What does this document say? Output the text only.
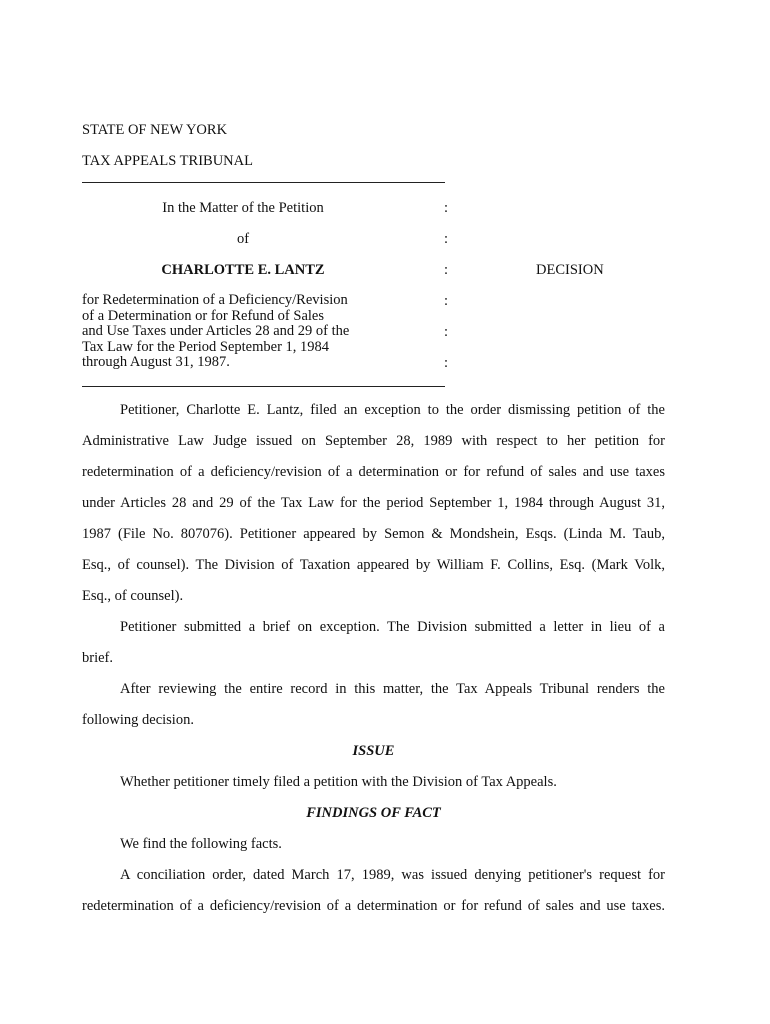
STATE OF NEW YORK
TAX APPEALS TRIBUNAL
In the Matter of the Petition
of
CHARLOTTE E. LANTZ
:
:
:
:
:
:
DECISION
for Redetermination of a Deficiency/Revision
of a Determination or for Refund of Sales
and Use Taxes under Articles 28 and 29 of the
Tax Law for the Period September 1, 1984
through August 31, 1987.
Petitioner, Charlotte E. Lantz, filed an exception to the order dismissing petition of the
Administrative Law Judge issued on September 28, 1989 with respect to her petition for
redetermination of a deficiency/revision of a determination or for refund of sales and use taxes
under Articles 28 and 29 of the Tax Law for the period September 1, 1984 through August 31,
1987 (File No. 807076). Petitioner appeared by Semon & Mondshein, Esqs. (Linda M. Taub,
Esq., of counsel). The Division of Taxation appeared by William F. Collins, Esq. (Mark Volk,
Esq., of counsel).
Petitioner submitted a brief on exception. The Division submitted a letter in lieu of a
brief.
After reviewing the entire record in this matter, the Tax Appeals Tribunal renders the
following decision.
ISSUE
Whether petitioner timely filed a petition with the Division of Tax Appeals.
FINDINGS OF FACT
We find the following facts.
A conciliation order, dated March 17, 1989, was issued denying petitioner's request for
redetermination of a deficiency/revision of a determination or for refund of sales and use taxes.
